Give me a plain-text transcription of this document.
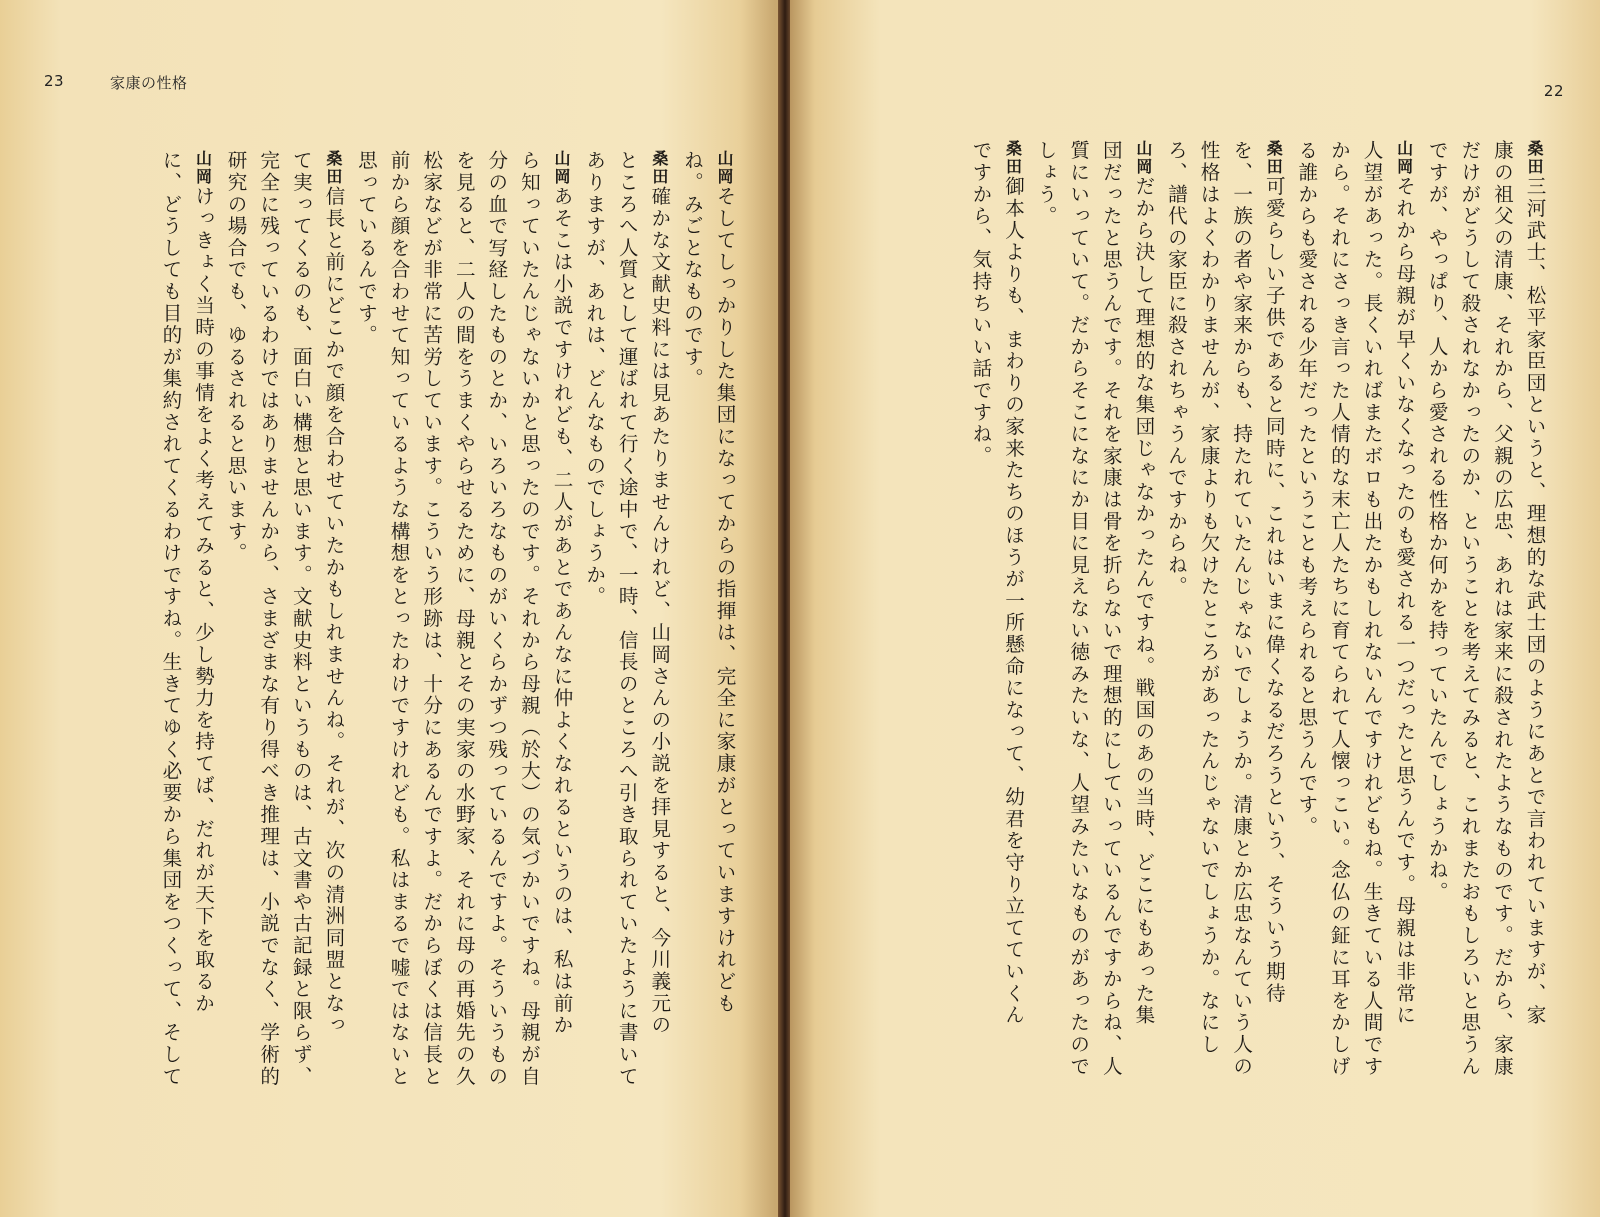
23	家康の性格
山岡そしてしっかりした集団になってからの指揮は、完全に家康がとっていますけれども
ね。みごとなものです。
桑田確かな文献史料には見あたりませんけれど、山岡さんの小説を拝見すると、今川義元の
ところへ人質として運ばれて行く途中で、一時、信長のところへ引き取られていたように書いて
ありますが、あれは、どんなものでしょうか。
山岡あそこは小説ですけれども、二人があとであんなに仲よくなれるというのは、私は前か
ら知っていたんじゃないかと思ったのです。それから母親（於大）の気づかいですね。母親が自
分の血で写経したものとか、いろいろなものがいくらかずつ残っているんですよ。そういうもの
を見ると、二人の間をうまくやらせるために、母親とその実家の水野家、それに母の再婚先の久
松家などが非常に苦労しています。こういう形跡は、十分にあるんですよ。だからぼくは信長と
前から顔を合わせて知っているような構想をとったわけですけれども。私はまるで嘘ではないと
思っているんです。
桑田信長と前にどこかで顔を合わせていたかもしれませんね。それが、次の清洲同盟となっ
て実ってくるのも、面白い構想と思います。文献史料というものは、古文書や古記録と限らず、
完全に残っているわけではありませんから、さまざまな有り得べき推理は、小説でなく、学術的
研究の場合でも、ゆるされると思います。
山岡けっきょく当時の事情をよく考えてみると、少し勢力を持てば、だれが天下を取るか
に、どうしても目的が集約されてくるわけですね。生きてゆく必要から集団をつくって、そして
22
桑田三河武士、松平家臣団というと、理想的な武士団のようにあとで言われていますが、家
康の祖父の清康、それから、父親の広忠、あれは家来に殺されたようなものです。だから、家康
だけがどうして殺されなかったのか、ということを考えてみると、これまたおもしろいと思うん
ですが、やっぱり、人から愛される性格か何かを持っていたんでしょうかね。
山岡それから母親が早くいなくなったのも愛される一つだったと思うんです。母親は非常に
人望があった。長くいればまたボロも出たかもしれないんですけれどもね。生きている人間です
から。それにさっき言った人情的な末亡人たちに育てられて人懐っこい。念仏の鉦に耳をかしげ
る誰からも愛される少年だったということも考えられると思うんです。
桑田可愛らしい子供であると同時に、これはいまに偉くなるだろうという、そういう期待
を、一族の者や家来からも、持たれていたんじゃないでしょうか。清康とか広忠なんていう人の
性格はよくわかりませんが、家康よりも欠けたところがあったんじゃないでしょうか。なにし
ろ、譜代の家臣に殺されちゃうんですからね。
山岡だから決して理想的な集団じゃなかったんですね。戦国のあの当時、どこにもあった集
団だったと思うんです。それを家康は骨を折らないで理想的にしていっているんですからね、人
質にいっていて。だからそこになにか目に見えない徳みたいな、人望みたいなものがあったので
しょう。
桑田御本人よりも、まわりの家来たちのほうが一所懸命になって、幼君を守り立てていくん
ですから、気持ちいい話ですね。
